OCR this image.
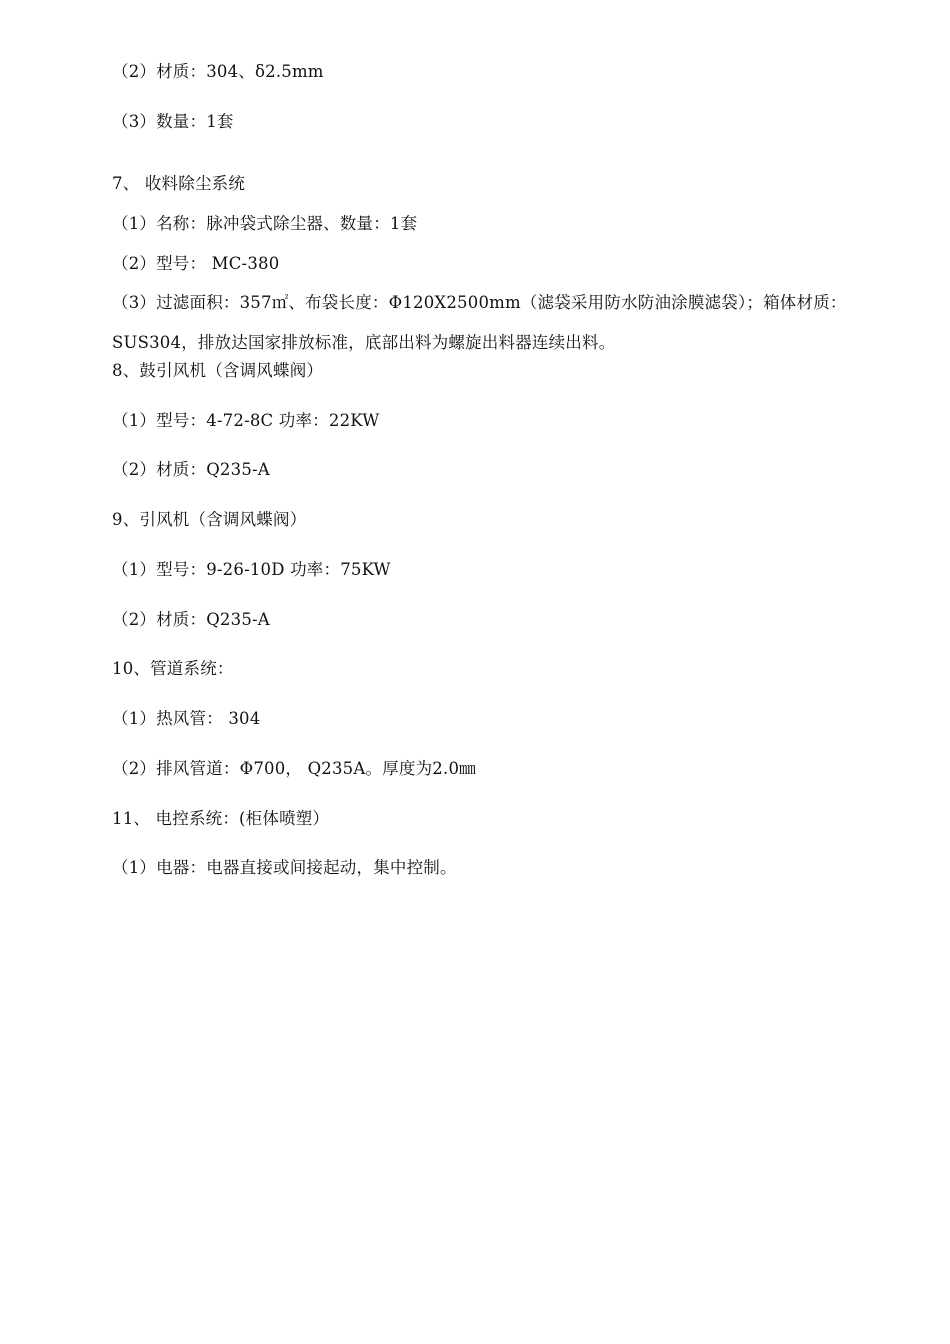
（2）材质：304、δ2.5mm
（3）数量：1套
7、 收料除尘系统
（1）名称：脉冲袋式除尘器、数量：1套
（2）型号： MC-380
（3）过滤面积：357㎡、布袋长度：Φ120X2500mm（滤袋采用防水防油涂膜滤袋）；箱体材质：SUS304，排放达国家排放标准，底部出料为螺旋出料器连续出料。
8、鼓引风机（含调风蝶阀）
（1）型号：4-72-8C 功率：22KW
（2）材质：Q235-A
9、引风机（含调风蝶阀）
（1）型号：9-26-10D 功率：75KW
（2）材质：Q235-A
10、管道系统：
（1）热风管： 304
（2）排风管道：Φ700， Q235A。厚度为2.0㎜
11、 电控系统：(柜体喷塑）
（1）电器：电器直接或间接起动，集中控制。
